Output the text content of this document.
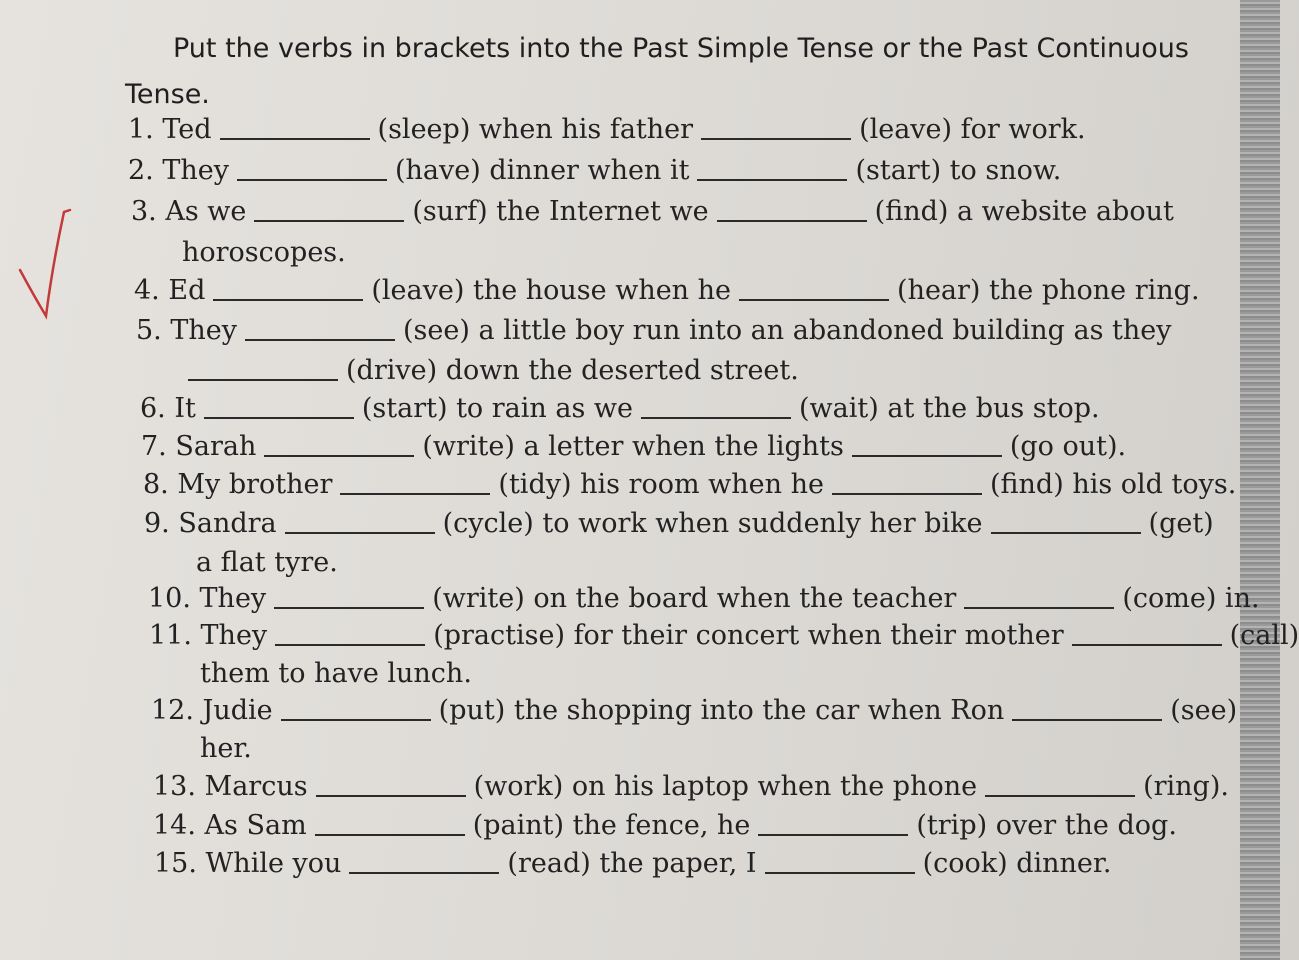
Put the verbs in brackets into the Past Simple Tense or the Past Continuous Tense.

1. Ted	(sleep) when his father	(leave) for work.
2. They	(have) dinner when it	(start) to snow.
3. As we	(surf) the Internet we	(find) a website about
horoscopes.
4. Ed	(leave) the house when he	(hear) the phone ring.
5. They	(see) a little boy run into an abandoned building as they
(drive) down the deserted street.
6. It	(start) to rain as we	(wait) at the bus stop.
7. Sarah	(write) a letter when the lights	(go out).
8. My brother	(tidy) his room when he	(find) his old toys.
9. Sandra	(cycle) to work when suddenly her bike	(get)
a flat tyre.
10. They	(write) on the board when the teacher	(come) in.
11. They	(practise) for their concert when their mother	(call)
them to have lunch.
12. Judie	(put) the shopping into the car when Ron	(see)
her.
13. Marcus	(work) on his laptop when the phone	(ring).
14. As Sam	(paint) the fence, he	(trip) over the dog.
15. While you	(read) the paper, I	(cook) dinner.
